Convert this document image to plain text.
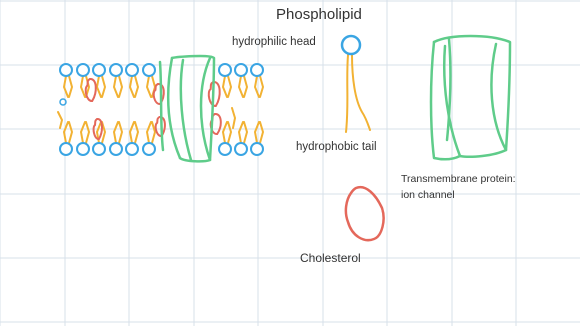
Phospholipid
hydrophilic head
hydrophobic tail
Transmembrane protein:
ion channel
Cholesterol
